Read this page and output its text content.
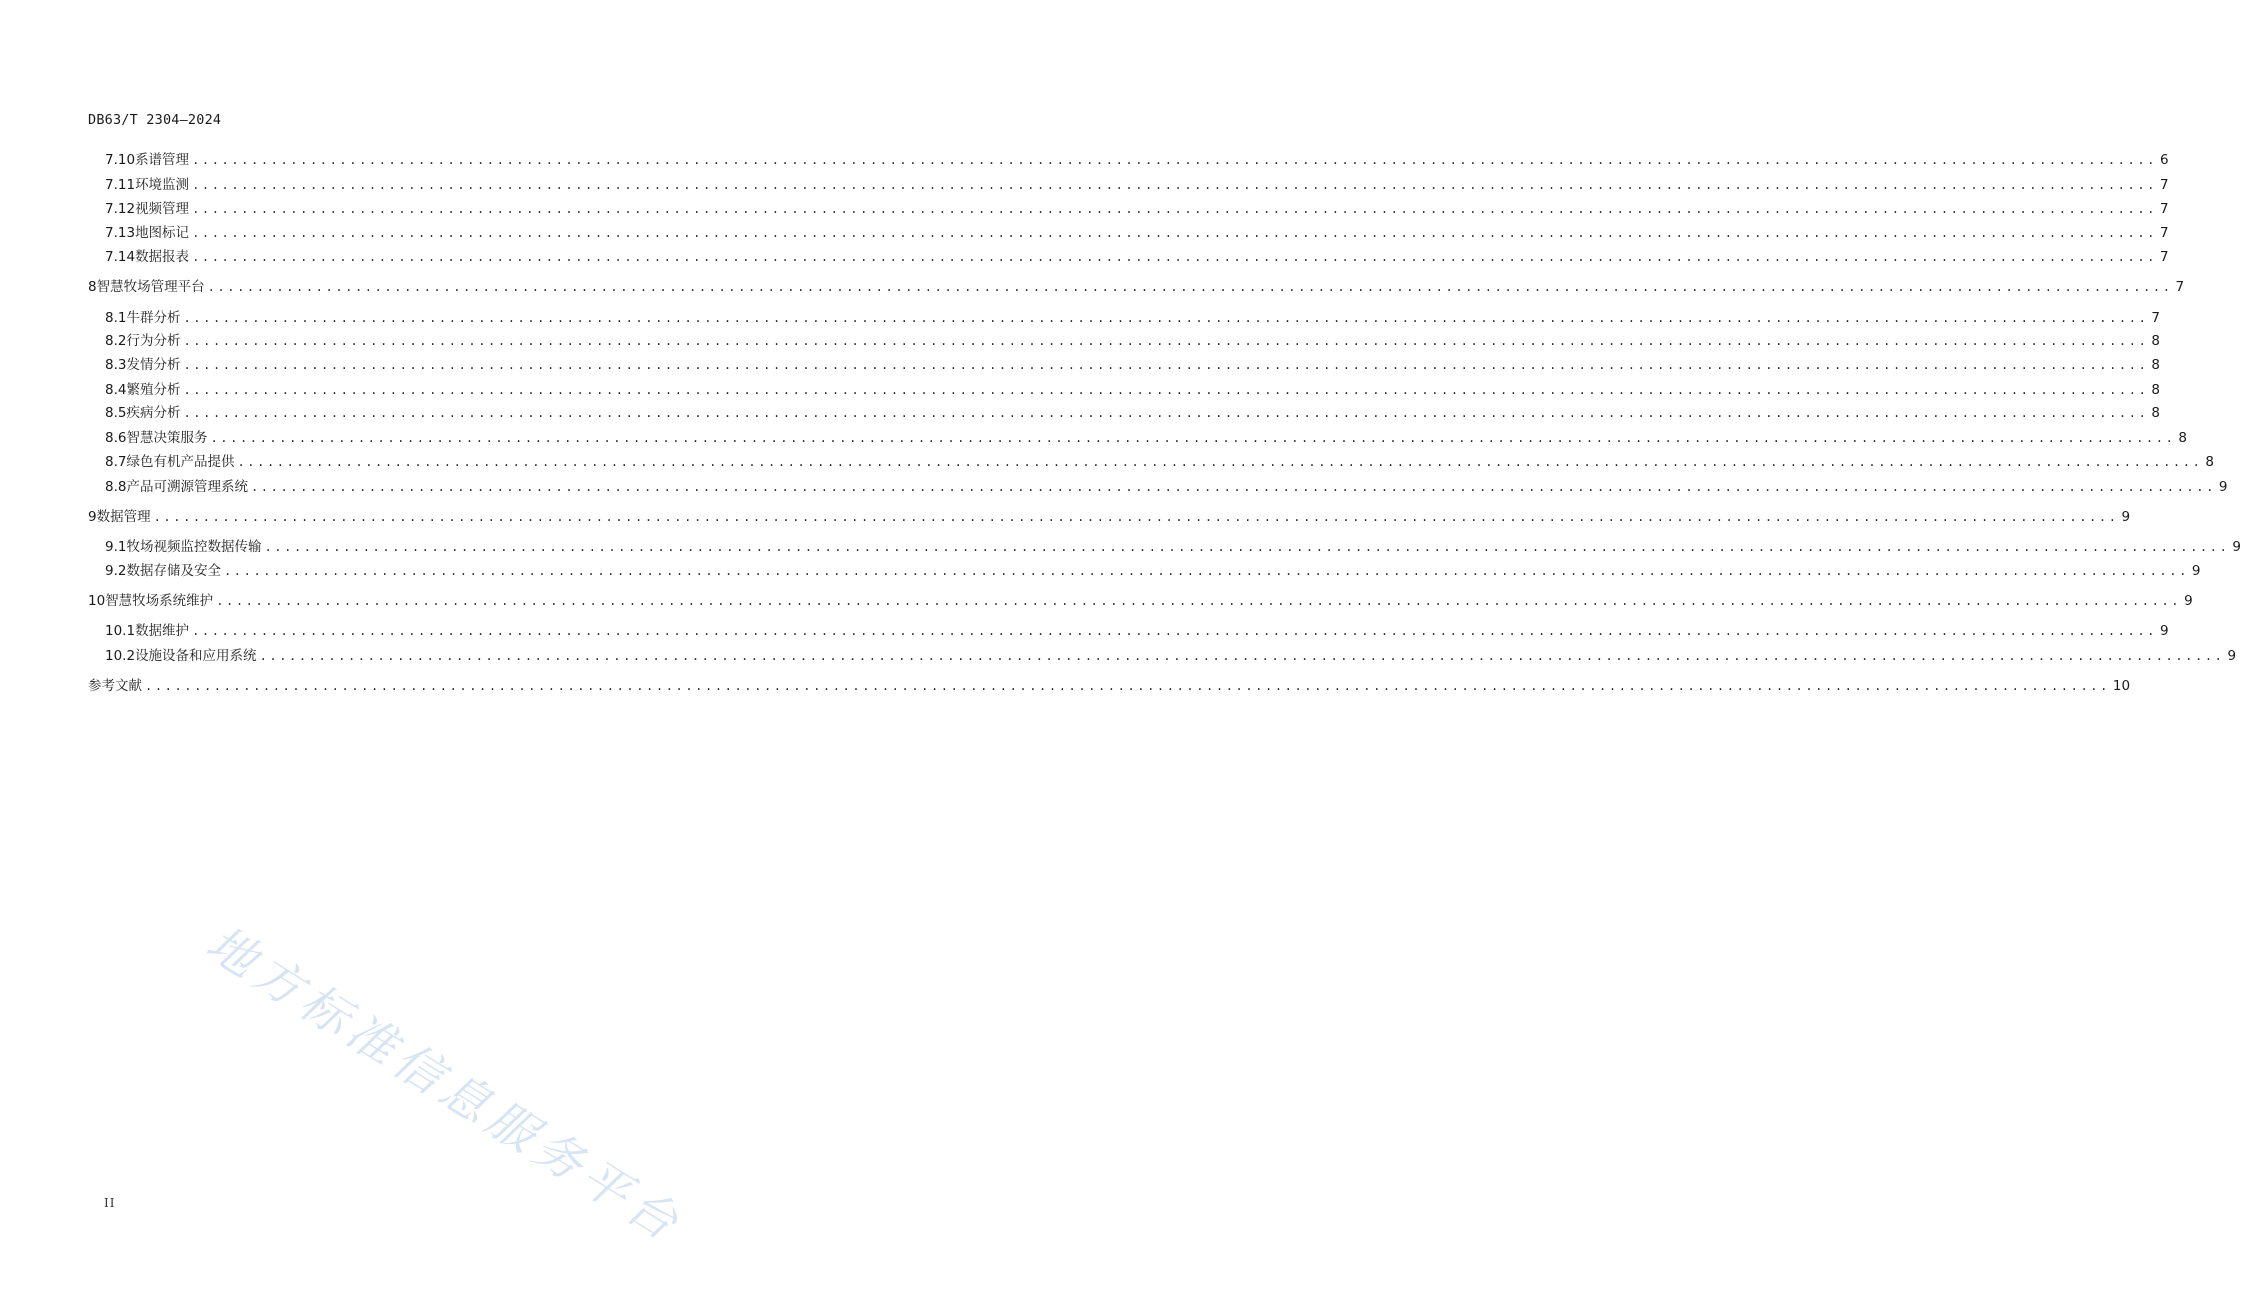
DB63/T 2304—2024
7.10 系谱管理 ........................................................................................................................................................................................................ 6
7.11 环境监测 ........................................................................................................................................................................................................ 7
7.12 视频管理 ........................................................................................................................................................................................................ 7
7.13 地图标记 ........................................................................................................................................................................................................ 7
7.14 数据报表 ........................................................................................................................................................................................................ 7
8 智慧牧场管理平台 ........................................................................................................................................................................................................ 7
8.1 牛群分析 ........................................................................................................................................................................................................ 7
8.2 行为分析 ........................................................................................................................................................................................................ 8
8.3 发情分析 ........................................................................................................................................................................................................ 8
8.4 繁殖分析 ........................................................................................................................................................................................................ 8
8.5 疾病分析 ........................................................................................................................................................................................................ 8
8.6 智慧决策服务 ........................................................................................................................................................................................................ 8
8.7 绿色有机产品提供 ........................................................................................................................................................................................................ 8
8.8 产品可溯源管理系统 ........................................................................................................................................................................................................ 9
9 数据管理 ........................................................................................................................................................................................................ 9
9.1 牧场视频监控数据传输 ........................................................................................................................................................................................................ 9
9.2 数据存储及安全 ........................................................................................................................................................................................................ 9
10 智慧牧场系统维护 ........................................................................................................................................................................................................ 9
10.1 数据维护 ........................................................................................................................................................................................................ 9
10.2 设施设备和应用系统 ........................................................................................................................................................................................................ 9
参考文献 ........................................................................................................................................................................................................ 10
地方标准信息服务平台
II
